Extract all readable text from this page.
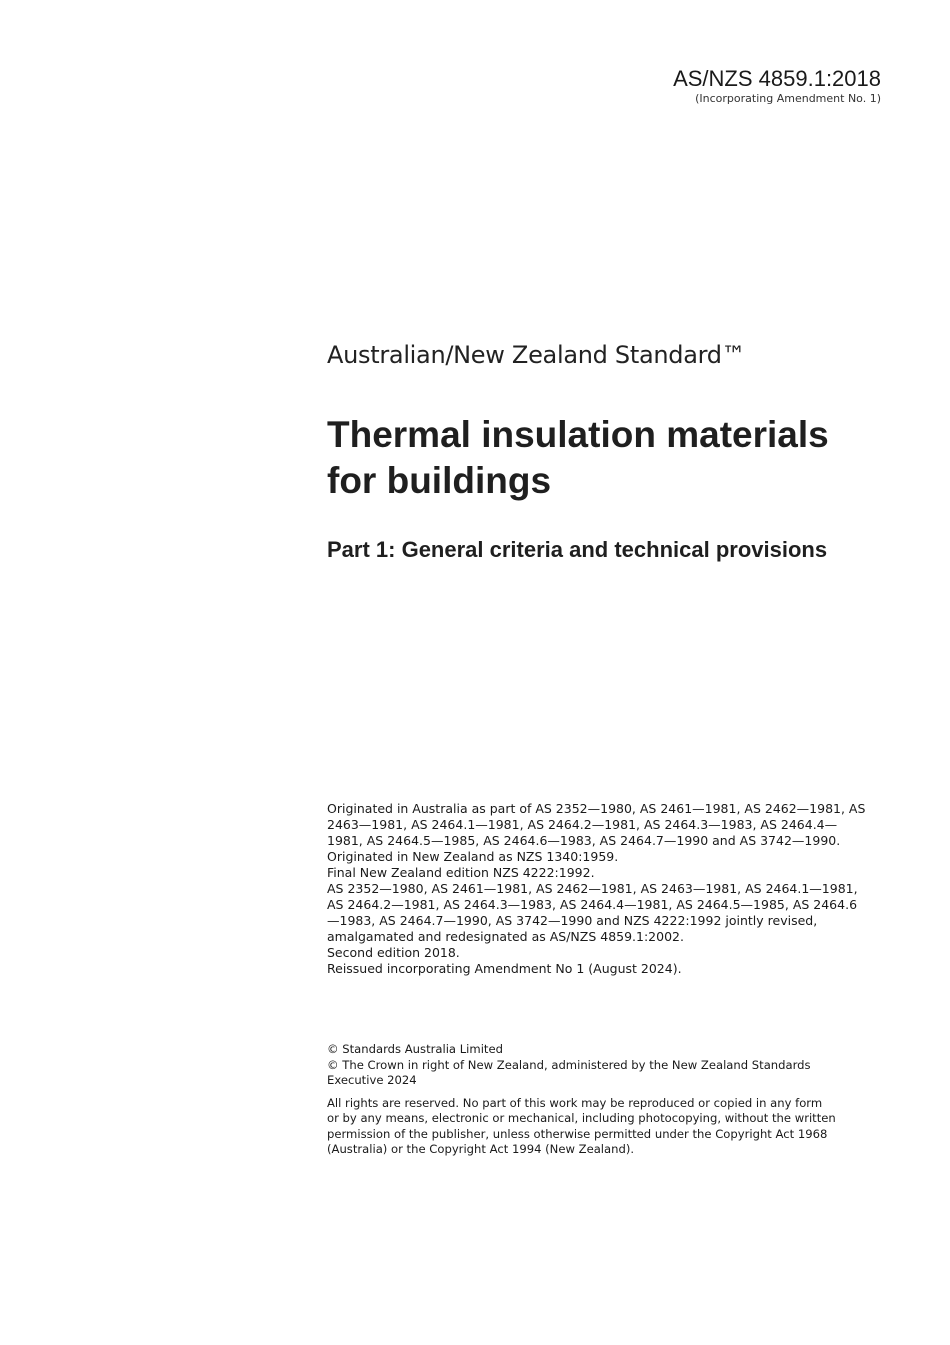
AS/NZS 4859.1:2018
(Incorporating Amendment No. 1)
Australian/New Zealand Standard™
Thermal insulation materials
for buildings
Part 1: General criteria and technical provisions
Originated in Australia as part of AS 2352—1980, AS 2461—1981, AS 2462—1981, AS
2463—1981, AS 2464.1—1981, AS 2464.2—1981, AS 2464.3—1983, AS 2464.4—
1981, AS 2464.5—1985, AS 2464.6—1983, AS 2464.7—1990 and AS 3742—1990.
Originated in New Zealand as NZS 1340:1959.
Final New Zealand edition NZS 4222:1992.
AS 2352—1980, AS 2461—1981, AS 2462—1981, AS 2463—1981, AS 2464.1—1981,
AS 2464.2—1981, AS 2464.3—1983, AS 2464.4—1981, AS 2464.5—1985, AS 2464.6
—1983, AS 2464.7—1990, AS 3742—1990 and NZS 4222:1992 jointly revised,
amalgamated and redesignated as AS/NZS 4859.1:2002.
Second edition 2018.
Reissued incorporating Amendment No 1 (August 2024).
© Standards Australia Limited
© The Crown in right of New Zealand, administered by the New Zealand Standards
Executive 2024
All rights are reserved. No part of this work may be reproduced or copied in any form
or by any means, electronic or mechanical, including photocopying, without the written
permission of the publisher, unless otherwise permitted under the Copyright Act 1968
(Australia) or the Copyright Act 1994 (New Zealand).
